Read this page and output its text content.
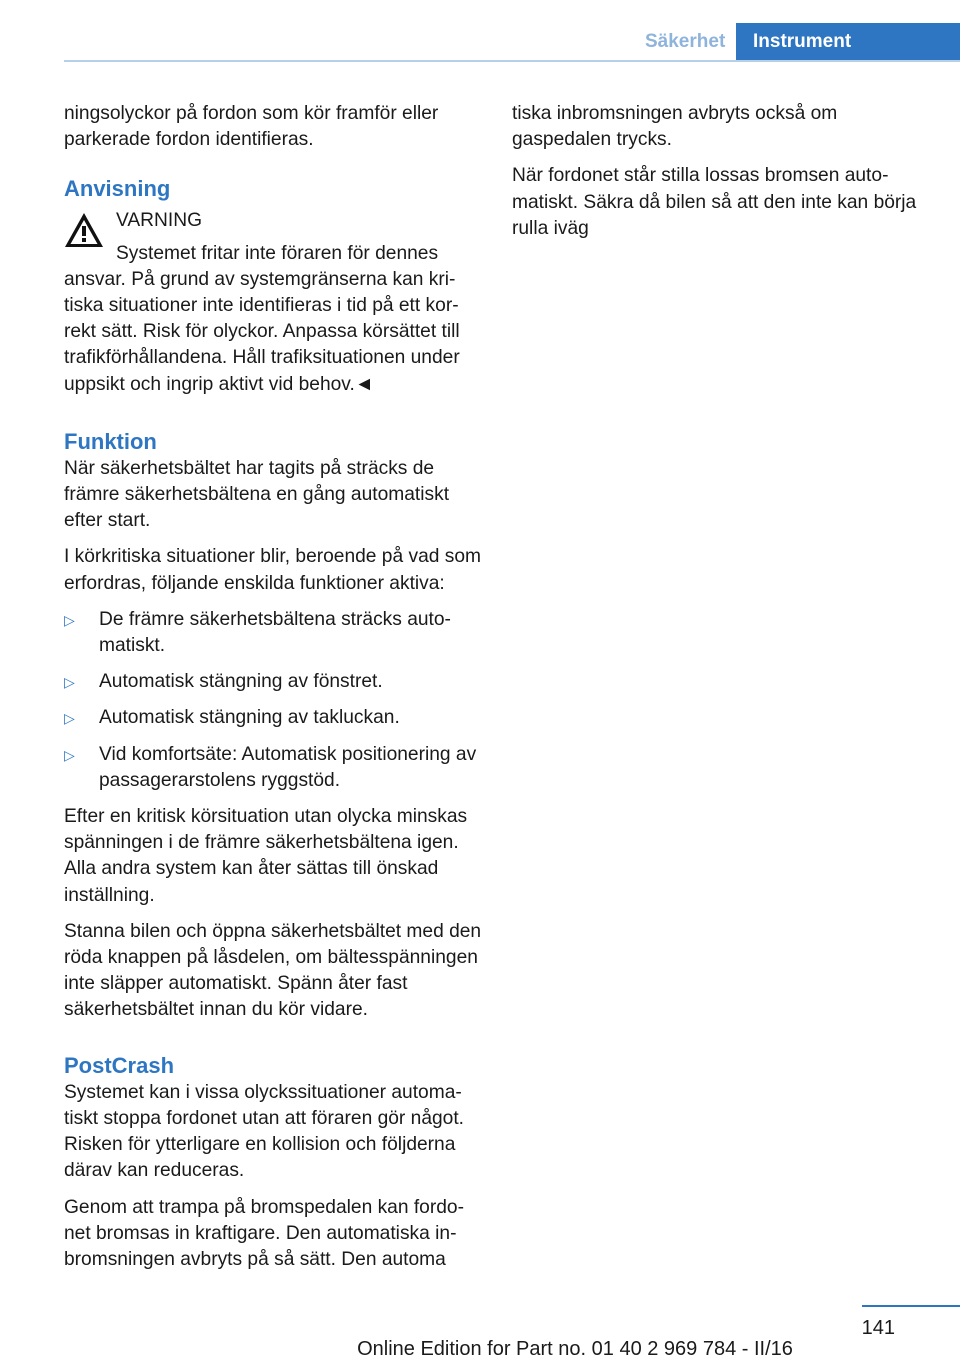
Säkerhet	Instrument

ningsolyckor på fordon som kör framför eller parkerade fordon identifieras.

Anvisning
VARNING
Systemet fritar inte föraren för dennes

ansvar. På grund av systemgränserna kan kritiska situationer inte identifieras i tid på ett korrekt sätt. Risk för olyckor. Anpassa körsättet till trafikförhållandena. Håll trafiksituationen under uppsikt och ingrip aktivt vid behov.◄

Funktion

När säkerhetsbältet har tagits på sträcks de främre säkerhetsbältena en gång automatiskt efter start.

I körkritiska situationer blir, beroende på vad som erfordras, följande enskilda funktioner aktiva:

▷ De främre säkerhetsbältena sträcks automatiskt.
▷ Automatisk stängning av fönstret.
▷ Automatisk stängning av takluckan.
▷ Vid komfortsäte: Automatisk positionering av passagerarstolens ryggstöd.

Efter en kritisk körsituation utan olycka minskas spänningen i de främre säkerhetsbältena igen. Alla andra system kan åter sättas till önskad inställning.

Stanna bilen och öppna säkerhetsbältet med den röda knappen på låsdelen, om bältesspänningen inte släpper automatiskt. Spänn åter fast säkerhetsbältet innan du kör vidare.

PostCrash

Systemet kan i vissa olyckssituationer automatiskt stoppa fordonet utan att föraren gör något. Risken för ytterligare en kollision och följderna därav kan reduceras.

Genom att trampa på bromspedalen kan fordonet bromsas in kraftigare. Den automatiska inbromsningen avbryts på så sätt. Den automa

tiska inbromsningen avbryts också om gaspedalen trycks.

När fordonet står stilla lossas bromsen automatiskt. Säkra då bilen så att den inte kan börja rulla iväg

141
Online Edition for Part no. 01 40 2 969 784 - II/16
